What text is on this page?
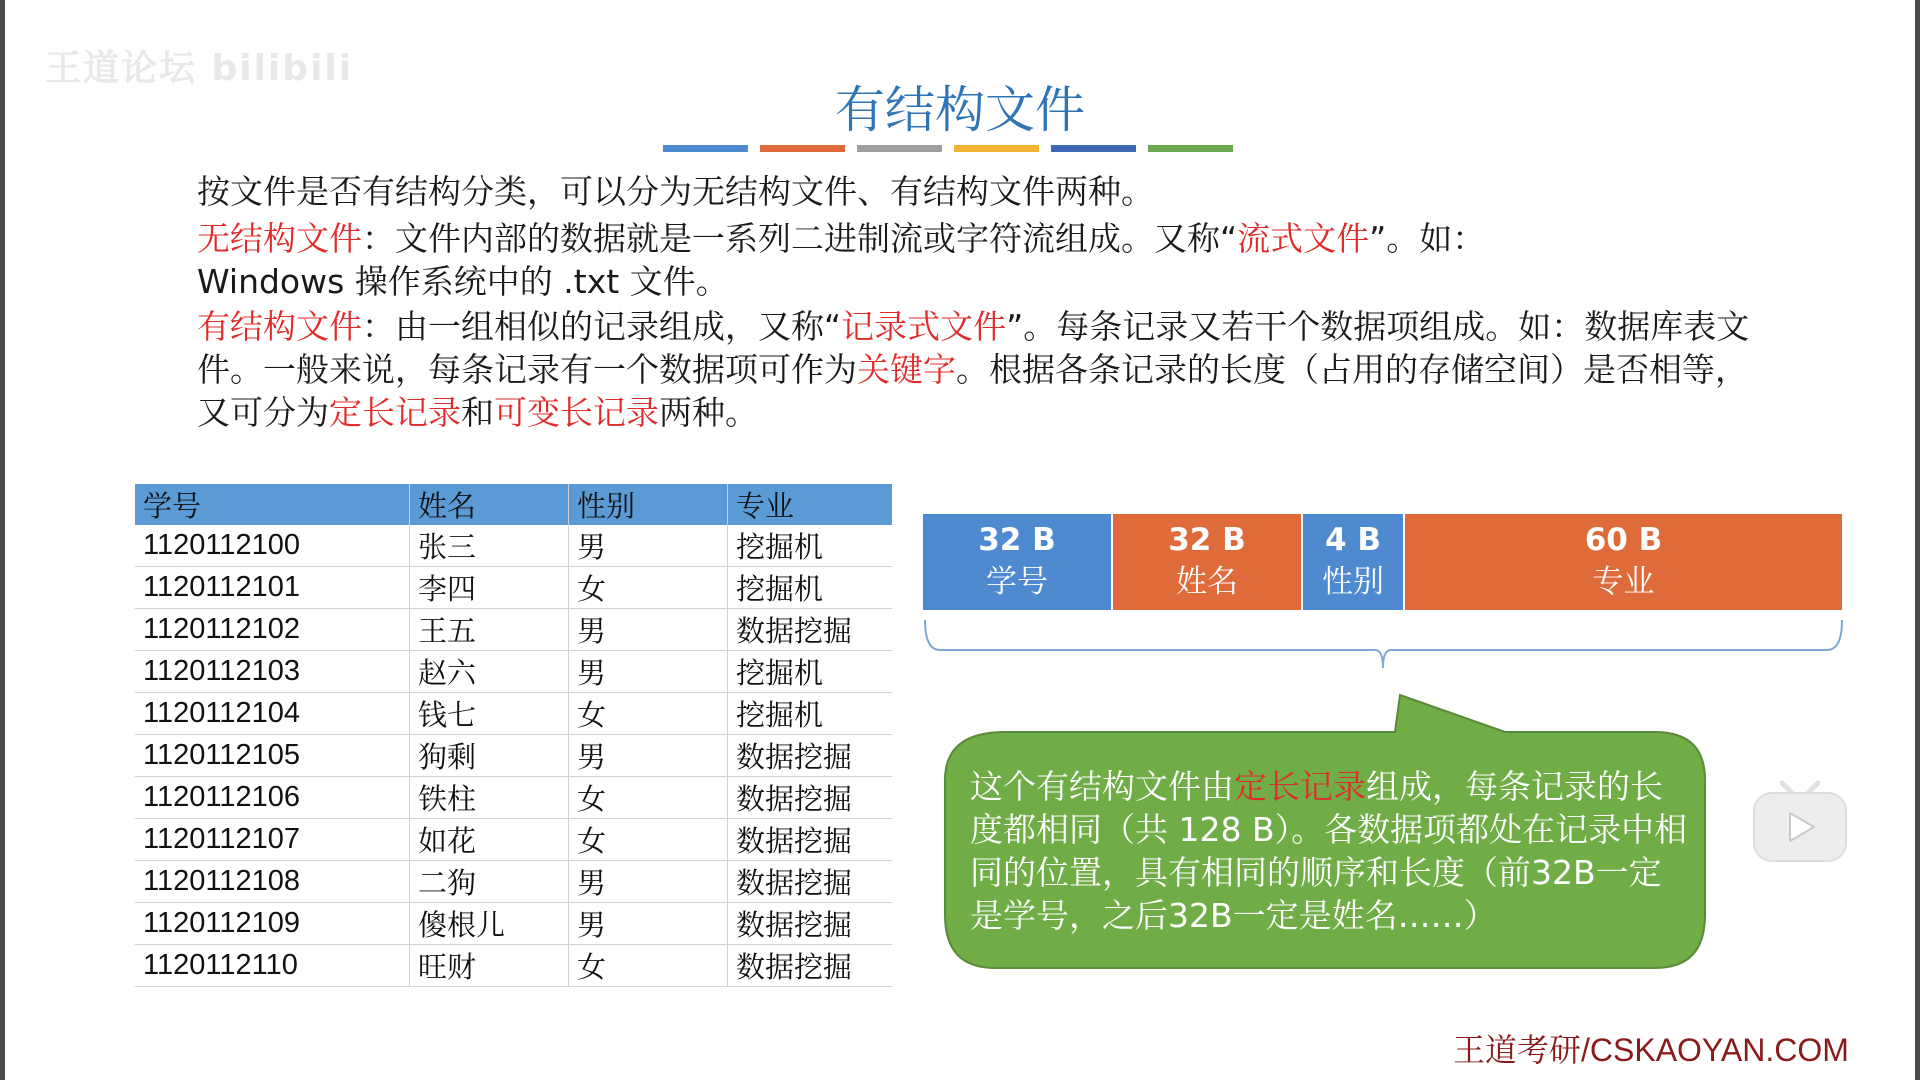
王道论坛 bilibili
有结构文件

按文件是否有结构分类，可以分为无结构文件、有结构文件两种。

无结构文件：文件内部的数据就是一系列二进制流或字符流组成。又称“流式文件”。如：
Windows 操作系统中的 .txt 文件。

有结构文件：由一组相似的记录组成，又称“记录式文件”。每条记录又若干个数据项组成。如：数据库表文件。一般来说，每条记录有一个数据项可作为关键字。根据各条记录的长度（占用的存储空间）是否相等，又可分为定长记录和可变长记录两种。

学号	姓名	性别	专业
1120112100	张三	男	挖掘机
1120112101	李四	女	挖掘机
1120112102	王五	男	数据挖掘
1120112103	赵六	男	挖掘机
1120112104	钱七	女	挖掘机
1120112105	狗剩	男	数据挖掘
1120112106	铁柱	女	数据挖掘
1120112107	如花	女	数据挖掘
1120112108	二狗	男	数据挖掘
1120112109	傻根儿	男	数据挖掘
1120112110	旺财	女	数据挖掘
32 B
学号
32 B
姓名
4 B
性别
60 B
专业
这个有结构文件由定长记录组成，每条记录的长度都相同（共 128 B）。各数据项都处在记录中相同的位置，具有相同的顺序和长度（前32B一定是学号，之后32B一定是姓名……）
王道考研/CSKAOYAN.COM
